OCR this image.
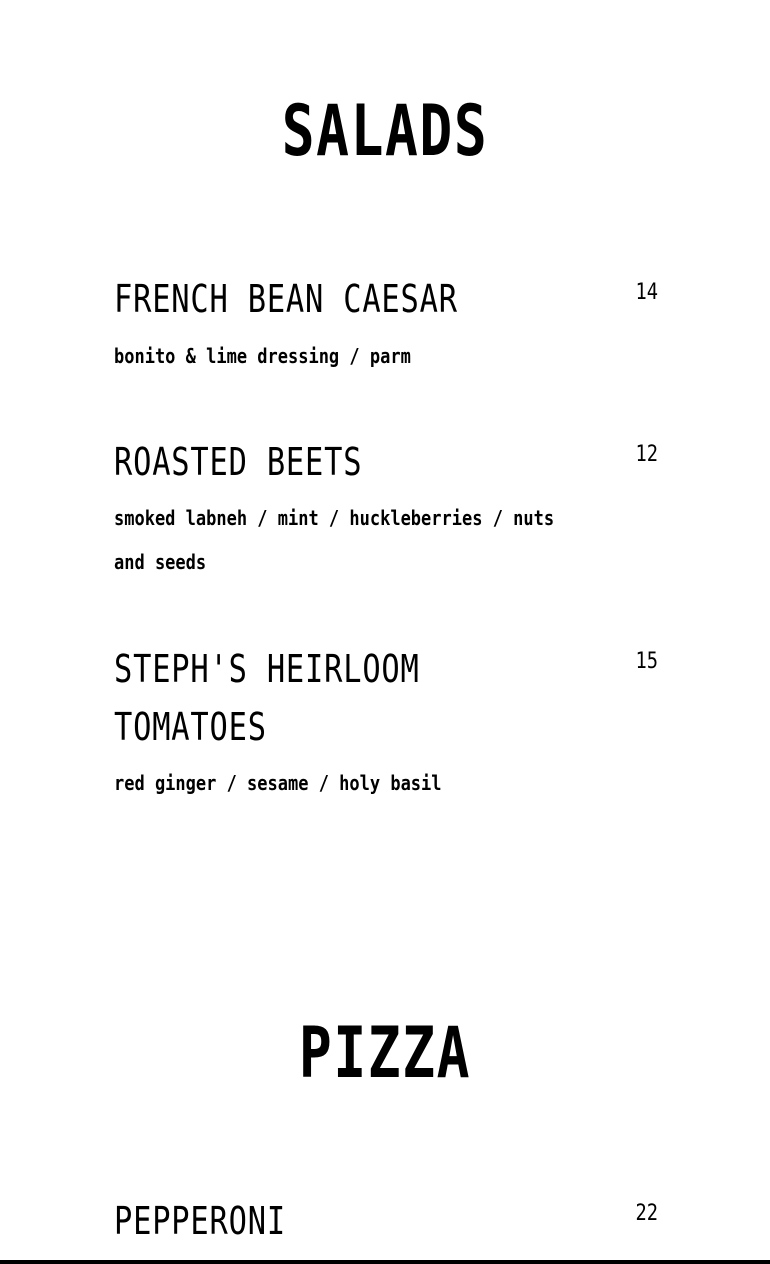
SALADS
FRENCH BEAN CAESAR	14

bonito & lime dressing / parm

ROASTED BEETS	12

smoked labneh / mint / huckleberries / nuts and seeds

STEPH'S HEIRLOOM TOMATOES
15

red ginger / sesame / holy basil

PIZZA
PEPPERONI	22
